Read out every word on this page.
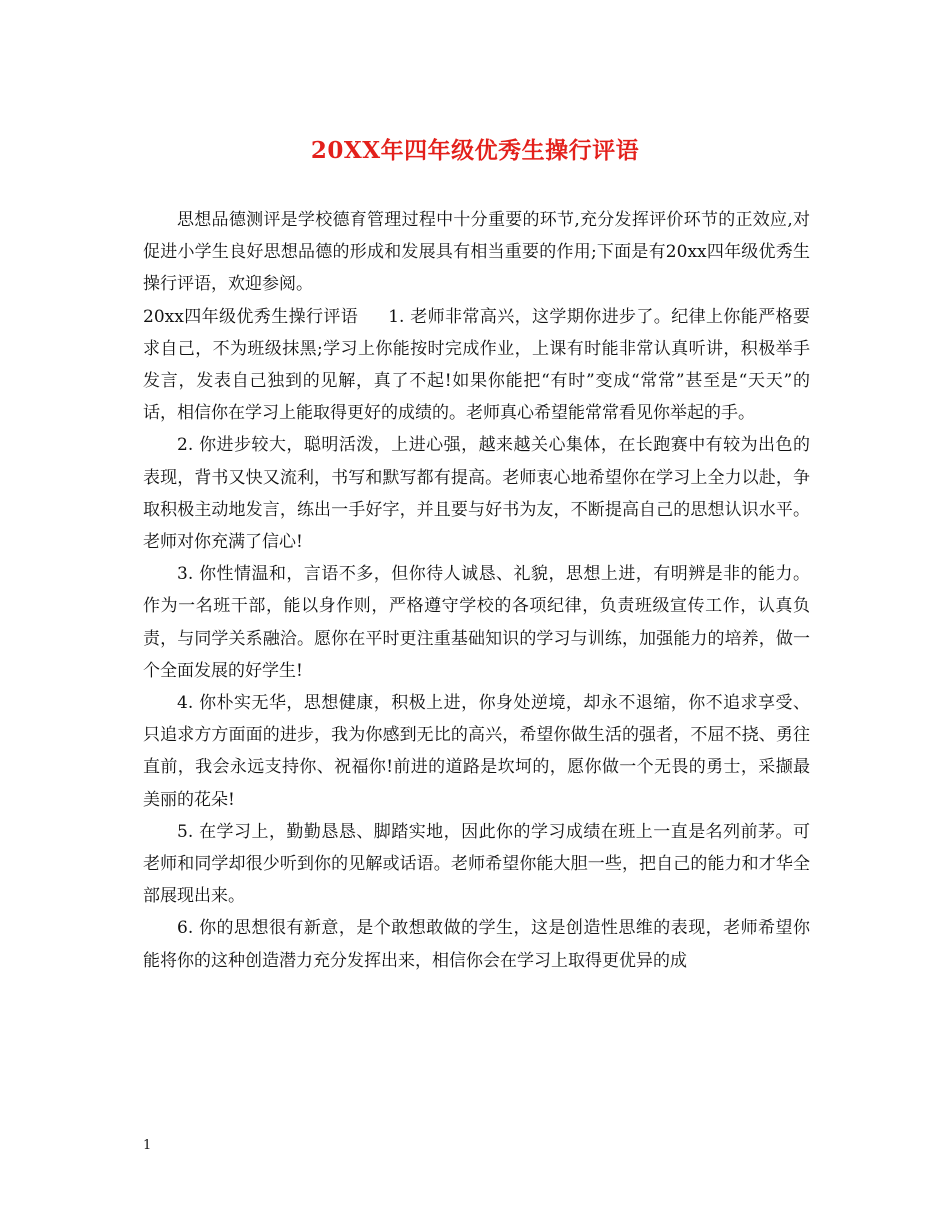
20XX年四年级优秀生操行评语

思想品德测评是学校德育管理过程中十分重要的环节,充分发挥评价环节的正效应,对促进小学生良好思想品德的形成和发展具有相当重要的作用;下面是有20xx四年级优秀生操行评语，欢迎参阅。

20xx四年级优秀生操行评语 1. 老师非常高兴，这学期你进步了。纪律上你能严格要求自己，不为班级抹黑;学习上你能按时完成作业，上课有时能非常认真听讲，积极举手发言，发表自己独到的见解，真了不起!如果你能把“有时”变成“常常”甚至是“天天”的话，相信你在学习上能取得更好的成绩的。老师真心希望能常常看见你举起的手。

2. 你进步较大，聪明活泼，上进心强，越来越关心集体，在长跑赛中有较为出色的表现，背书又快又流利，书写和默写都有提高。老师衷心地希望你在学习上全力以赴，争取积极主动地发言，练出一手好字，并且要与好书为友，不断提高自己的思想认识水平。老师对你充满了信心!

3. 你性情温和，言语不多，但你待人诚恳、礼貌，思想上进，有明辨是非的能力。作为一名班干部，能以身作则，严格遵守学校的各项纪律，负责班级宣传工作，认真负责，与同学关系融洽。愿你在平时更注重基础知识的学习与训练，加强能力的培养，做一个全面发展的好学生!

4. 你朴实无华，思想健康，积极上进，你身处逆境，却永不退缩，你不追求享受、只追求方方面面的进步，我为你感到无比的高兴，希望你做生活的强者，不屈不挠、勇往直前，我会永远支持你、祝福你!前进的道路是坎坷的，愿你做一个无畏的勇士，采撷最美丽的花朵!

5. 在学习上，勤勤恳恳、脚踏实地，因此你的学习成绩在班上一直是名列前茅。可老师和同学却很少听到你的见解或话语。老师希望你能大胆一些，把自己的能力和才华全部展现出来。

6. 你的思想很有新意，是个敢想敢做的学生，这是创造性思维的表现，老师希望你能将你的这种创造潜力充分发挥出来，相信你会在学习上取得更优异的成

1
